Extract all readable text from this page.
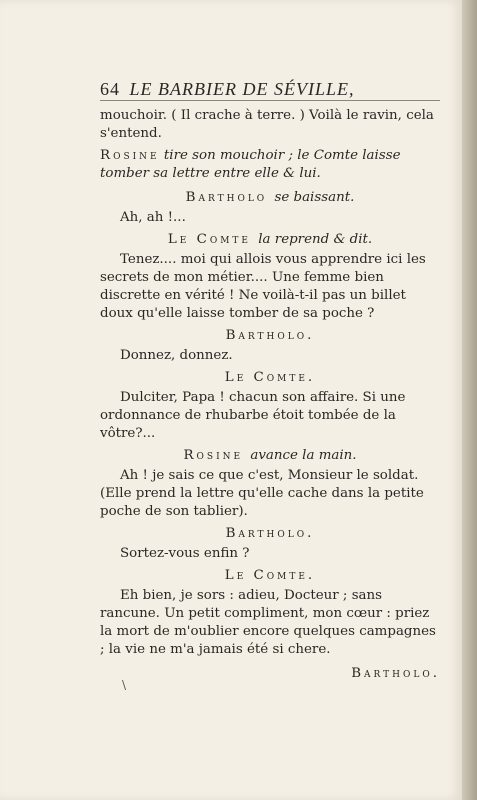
64 LE BARBIER DE SÉVILLE,

mouchoir. ( Il crache à terre. ) Voilà le ravin, cela s'entend.

Rosine tire son mouchoir ; le Comte laisse tomber sa lettre entre elle & lui.

Bartholo se baissant.

Ah, ah !...

Le Comte la reprend & dit.

Tenez.... moi qui allois vous apprendre ici les secrets de mon métier.... Une femme bien discrette en vérité ! Ne voilà-t-il pas un billet doux qu'elle laisse tomber de sa poche ?

Bartholo.

Donnez, donnez.

Le Comte.

Dulciter, Papa ! chacun son affaire. Si une ordonnance de rhubarbe étoit tombée de la vôtre?...

Rosine avance la main.

Ah ! je sais ce que c'est, Monsieur le soldat. (Elle prend la lettre qu'elle cache dans la petite poche de son tablier).

Bartholo.

Sortez-vous enfin ?

Le Comte.

Eh bien, je sors : adieu, Docteur ; sans rancune. Un petit compliment, mon cœur : priez la mort de m'oublier encore quelques campagnes ; la vie ne m'a jamais été si chere.

Bartholo.
\
